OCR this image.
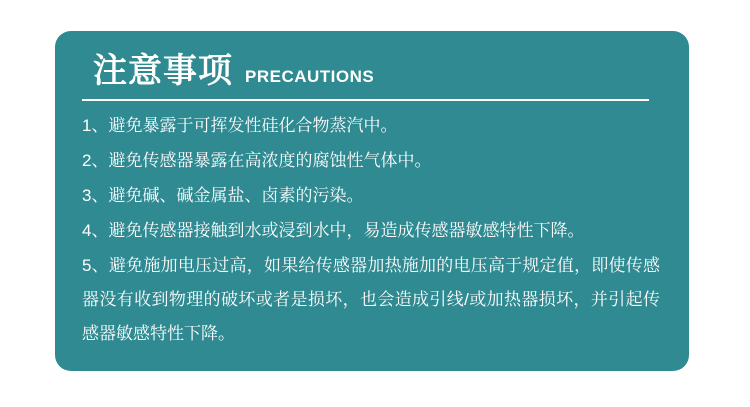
注意事项 PRECAUTIONS
1、避免暴露于可挥发性硅化合物蒸汽中。
2、避免传感器暴露在高浓度的腐蚀性气体中。
3、避免碱、碱金属盐、卤素的污染。
4、避免传感器接触到水或浸到水中，易造成传感器敏感特性下降。
5、避免施加电压过高，如果给传感器加热施加的电压高于规定值，即使传感器没有收到物理的破坏或者是损坏，也会造成引线/或加热器损坏，并引起传感器敏感特性下降。
